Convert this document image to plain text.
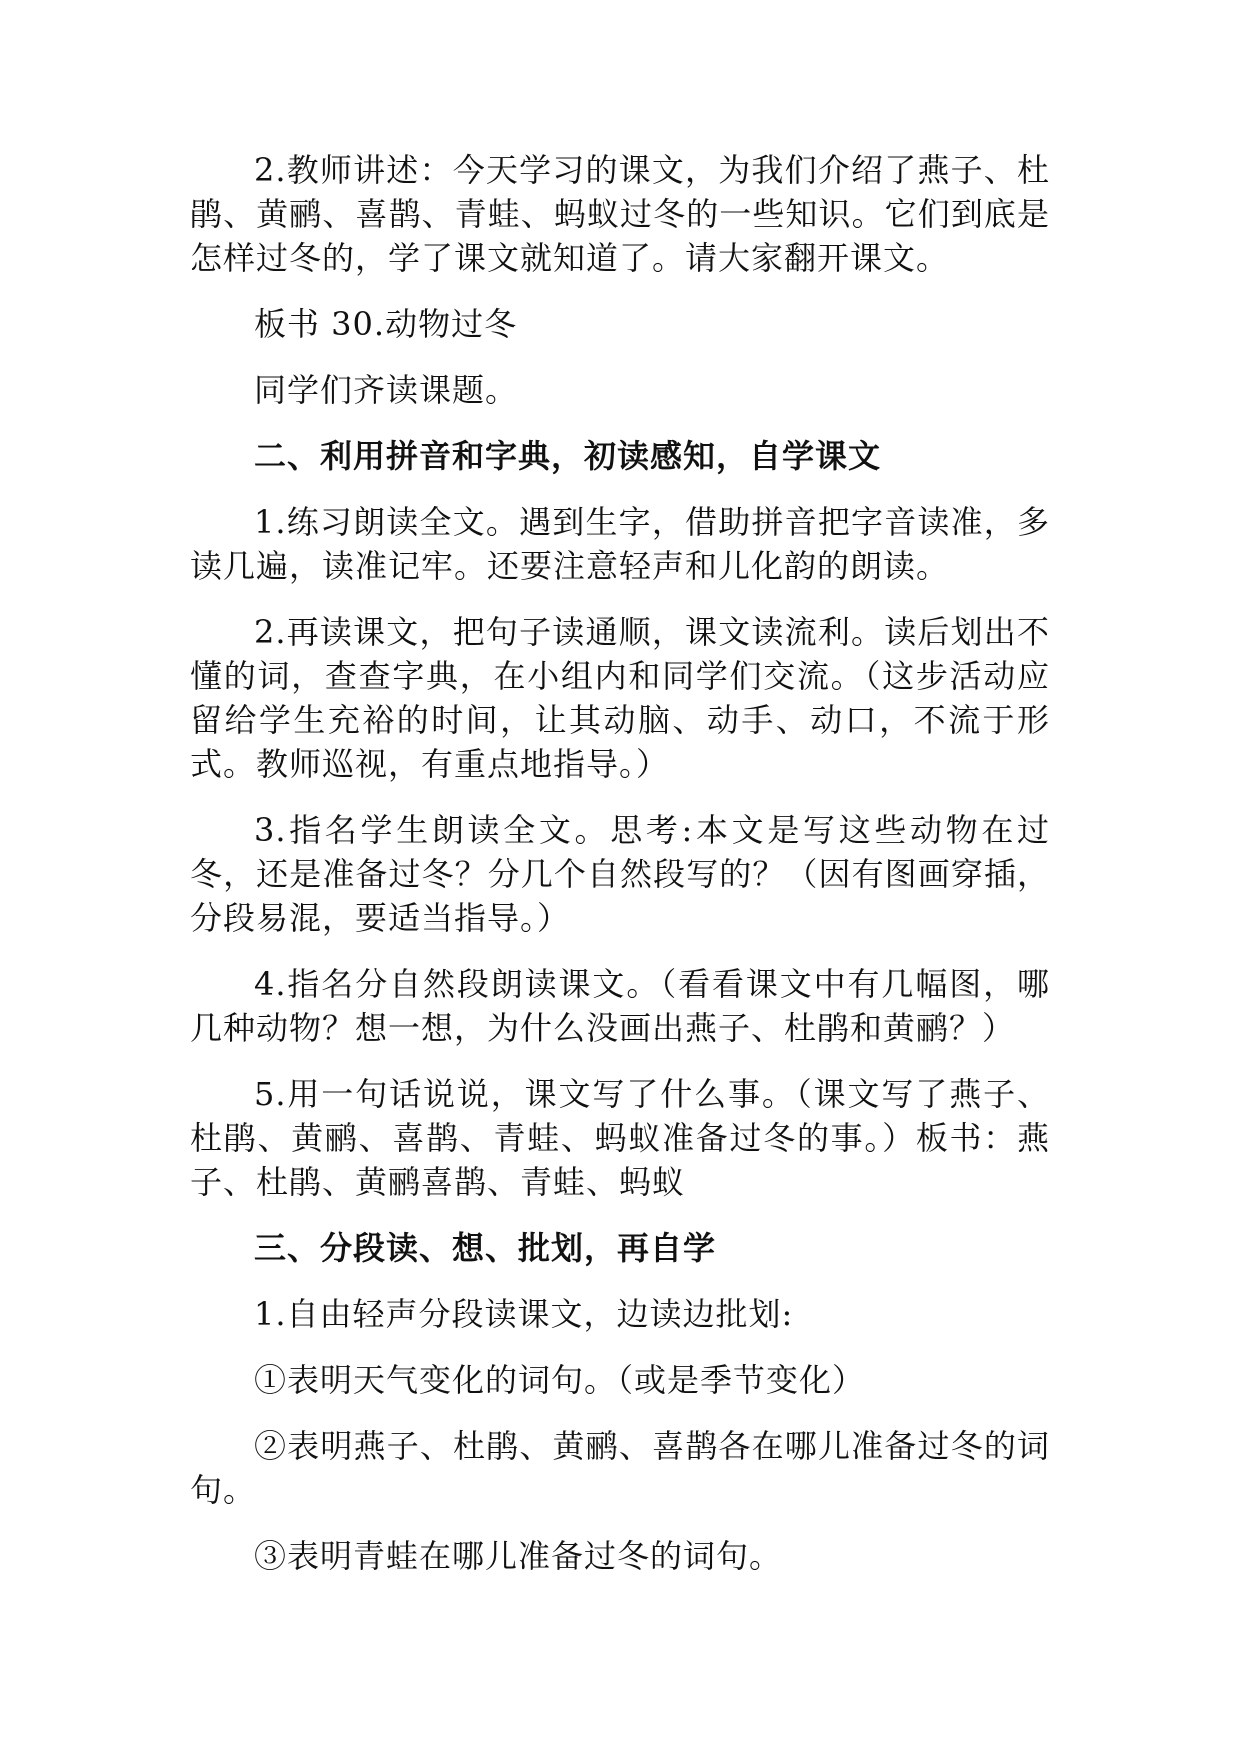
2.教师讲述：今天学习的课文，为我们介绍了燕子、杜鹃、黄鹂、喜鹊、青蛙、蚂蚁过冬的一些知识。它们到底是怎样过冬的，学了课文就知道了。请大家翻开课文。

板书 30.动物过冬

同学们齐读课题。

二、利用拼音和字典，初读感知，自学课文

1.练习朗读全文。遇到生字，借助拼音把字音读准，多读几遍，读准记牢。还要注意轻声和儿化韵的朗读。

2.再读课文，把句子读通顺，课文读流利。读后划出不懂的词，查查字典，在小组内和同学们交流。（这步活动应留给学生充裕的时间，让其动脑、动手、动口，不流于形式。教师巡视，有重点地指导。）

3.指名学生朗读全文。思考:本文是写这些动物在过冬，还是准备过冬？分几个自然段写的？（因有图画穿插，分段易混，要适当指导。）

4.指名分自然段朗读课文。（看看课文中有几幅图，哪几种动物？想一想，为什么没画出燕子、杜鹃和黄鹂？）

5.用一句话说说，课文写了什么事。（课文写了燕子、杜鹃、黄鹂、喜鹊、青蛙、蚂蚁准备过冬的事。）板书：燕子、杜鹃、黄鹂喜鹊、青蛙、蚂蚁

三、分段读、想、批划，再自学

1.自由轻声分段读课文，边读边批划:

①表明天气变化的词句。（或是季节变化）

②表明燕子、杜鹃、黄鹂、喜鹊各在哪儿准备过冬的词句。

③表明青蛙在哪儿准备过冬的词句。
